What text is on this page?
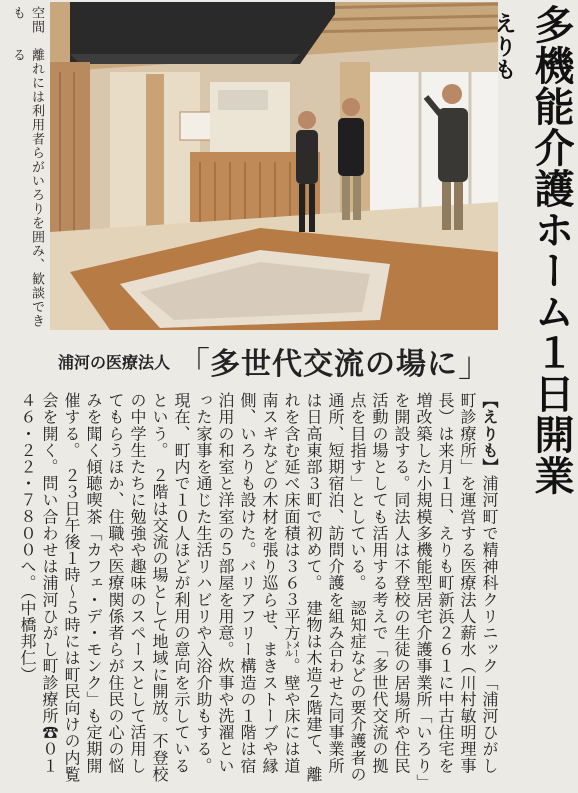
離れには利用者らがいろりを囲み、歓談できる
空間も	多機能介護ホーム１日開業えりも
浦河の医療法人 「 多世代交流の場に 」
【えりも】浦河町で精神科クリニック「浦河ひがし町診療所」を運営する医療法人薪水（川村敏明理事長）は来月１日、えりも町新浜２６１に中古住宅を増改築した小規模多機能型居宅介護事業所「いろり」を開設する。同法人は不登校の生徒の居場所や住民活動の場としても活用する考えで「多世代交流の拠点を目指す」としている。　認知症などの要介護者の通所、短期宿泊、訪問介護を組み合わせた同事業所は日高東部３町で初めて。　建物は木造２階建て、離れを含む延べ床面積は３６３平方㍍。壁や床には道南スギなどの木材を張り巡らせ、まきストーブや縁側、いろりも設けた。バリアフリー構造の１階は宿泊用の和室と洋室の５部屋を用意。炊事や洗濯といった家事を通じた生活リハビリや入浴介助もする。現在、町内で１０人ほどが利用の意向を示しているという。　２階は交流の場として地域に開放。不登校の中学生たちに勉強や趣味のスペースとして活用してもらうほか、住職や医療関係者らが住民の心の悩みを聞く傾聴喫茶「カフェ・デ・モンク」も定期開催する。　２３日午後１時～５時には町民向けの内覧会を開く。問い合わせは浦河ひがし町診療所☎０１４６・２２・７８００へ。（中橋邦仁）
